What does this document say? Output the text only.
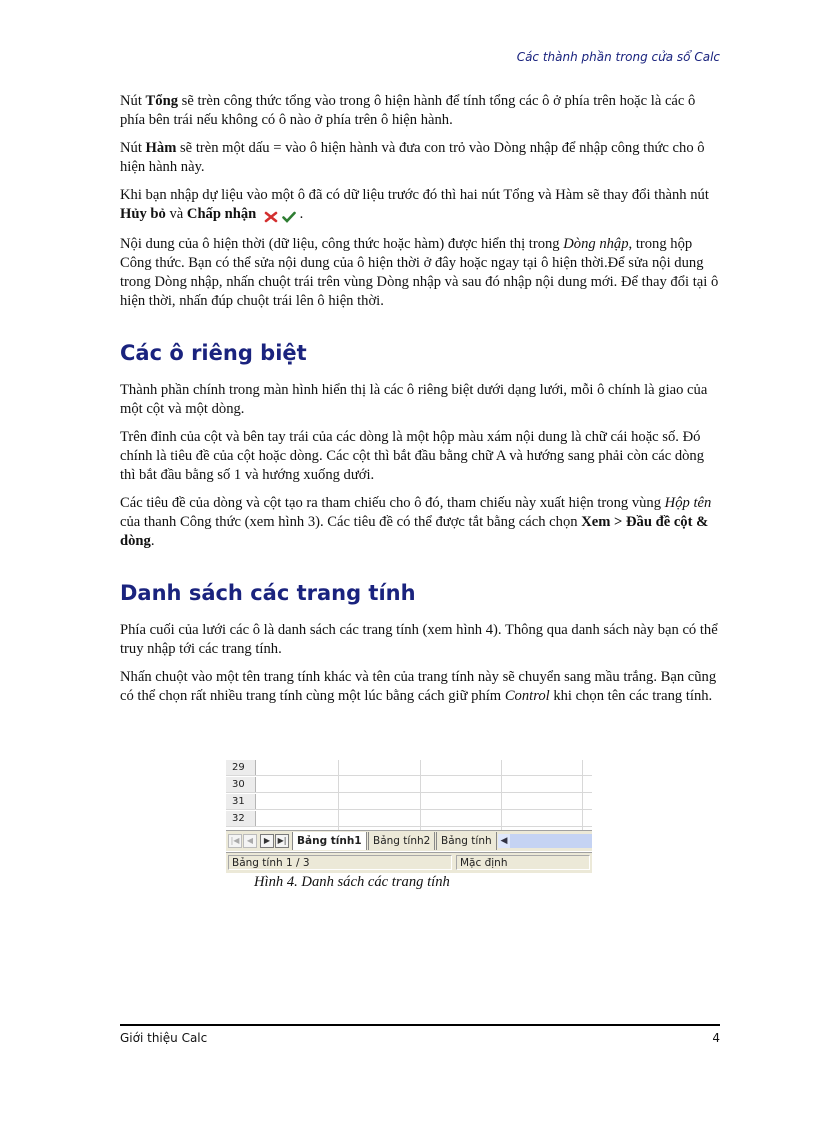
Các thành phần trong cửa sổ Calc

Nút Tổng sẽ trèn công thức tổng vào trong ô hiện hành để tính tổng các ô ở phía trên hoặc là các ô phía bên trái nếu không có ô nào ở phía trên ô hiện hành.

Nút Hàm sẽ trèn một dấu = vào ô hiện hành và đưa con trỏ vào Dòng nhập để nhập công thức cho ô hiện hành này.

Khi bạn nhập dự liệu vào một ô đã có dữ liệu trước đó thì hai nút Tổng và Hàm sẽ thay đổi thành nút Hủy bỏ và Chấp nhận	.

Nội dung của ô hiện thời (dữ liệu, công thức hoặc hàm) được hiển thị trong Dòng nhập, trong hộp Công thức. Bạn có thể sửa nội dung của ô hiện thời ở đây hoặc ngay tại ô hiện thời.Để sửa nội dung trong Dòng nhập, nhấn chuột trái trên vùng Dòng nhập và sau đó nhập nội dung mới. Để thay đổi tại ô hiện thời, nhấn đúp chuột trái lên ô hiện thời.

Các ô riêng biệt

Thành phần chính trong màn hình hiển thị là các ô riêng biệt dưới dạng lưới, mỗi ô chính là giao của một cột và một dòng.

Trên đỉnh của cột và bên tay trái của các dòng là một hộp màu xám nội dung là chữ cái hoặc số. Đó chính là tiêu đề của cột hoặc dòng. Các cột thì bắt đầu bằng chữ A và hướng sang phải còn các dòng thì bắt đầu bằng số 1 và hướng xuống dưới.

Các tiêu đề của dòng và cột tạo ra tham chiếu cho ô đó, tham chiếu này xuất hiện trong vùng Hộp tên của thanh Công thức (xem hình 3). Các tiêu đề có thể được tắt bằng cách chọn Xem > Đầu đề cột & dòng.

Danh sách các trang tính

Phía cuối của lưới các ô là danh sách các trang tính (xem hình 4). Thông qua danh sách này bạn có thể truy nhập tới các trang tính.

Nhấn chuột vào một tên trang tính khác và tên của trang tính này sẽ chuyển sang mầu trắng. Bạn cũng có thể chọn rất nhiều trang tính cùng một lúc bằng cách giữ phím Control khi chọn tên các trang tính.

29
30
31
32
|◀ ◀	▶ ▶|	Bảng tính1	Bảng tính2	Bảng tính ◀
Bảng tính 1 / 3	Mặc định
Hình 4. Danh sách các trang tính
Giới thiệu Calc	4
